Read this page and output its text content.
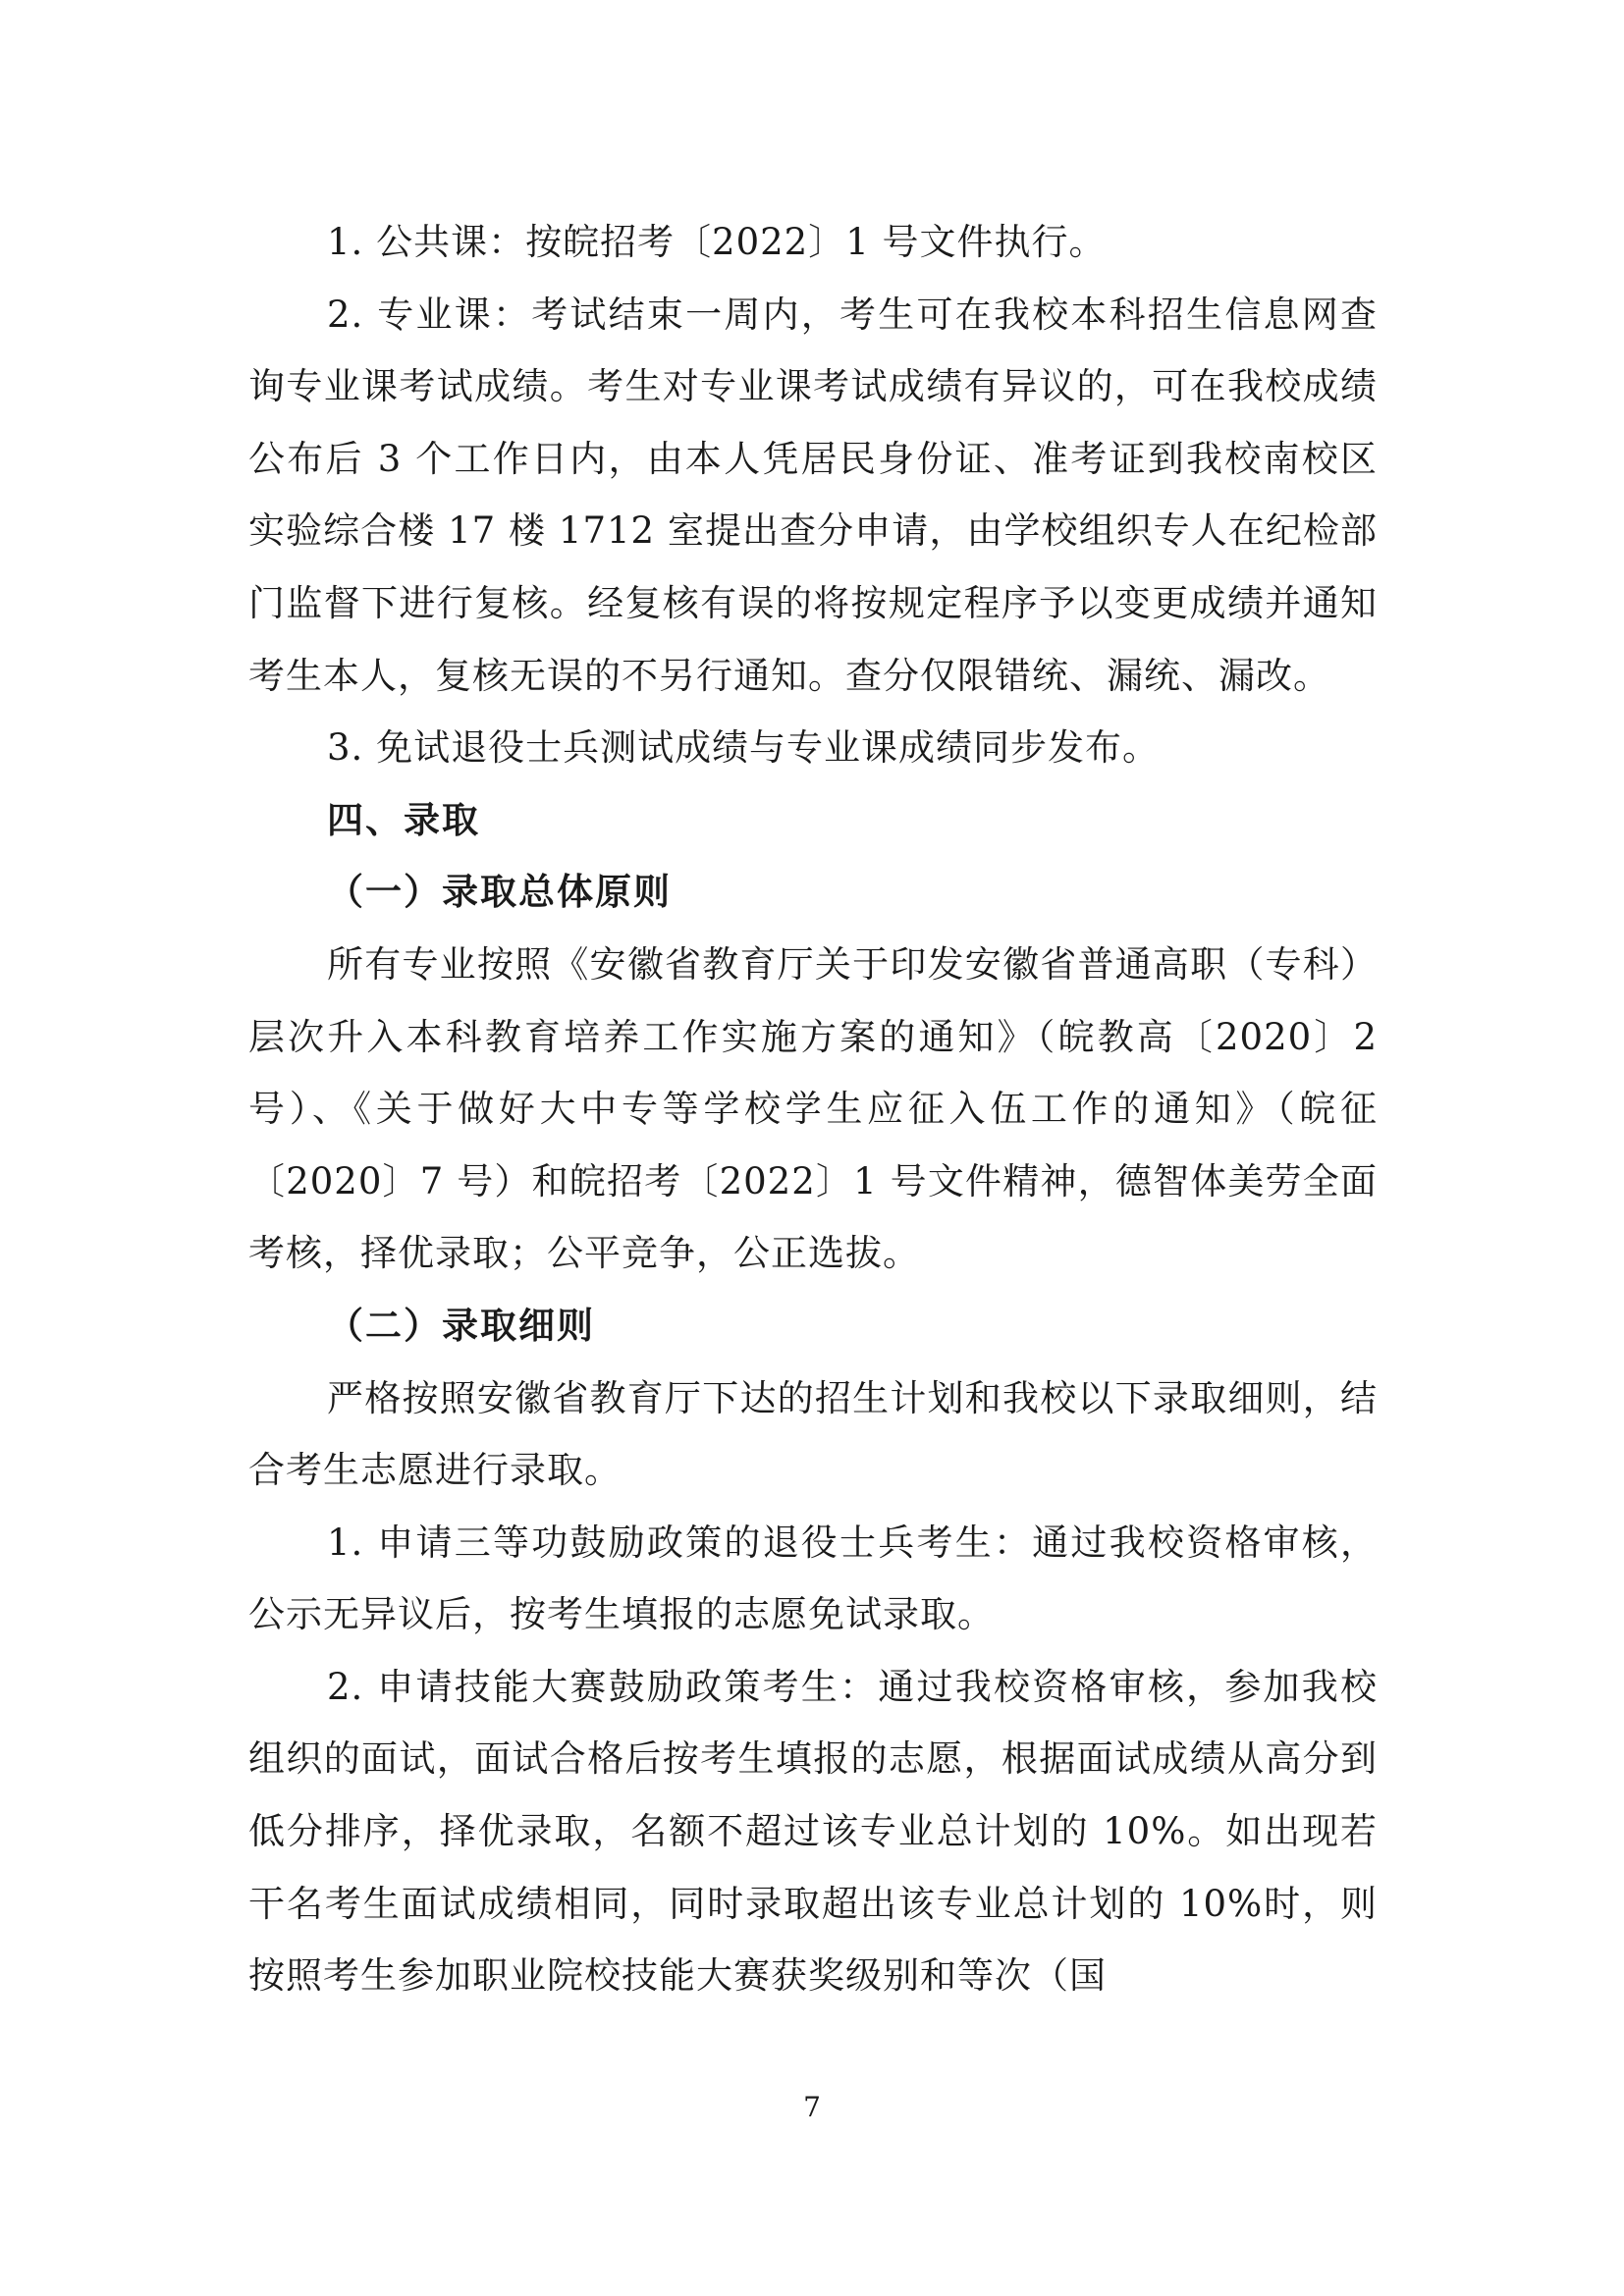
1. 公共课：按皖招考〔2022〕1 号文件执行。

2. 专业课：考试结束一周内，考生可在我校本科招生信息网查询专业课考试成绩。考生对专业课考试成绩有异议的，可在我校成绩公布后 3 个工作日内，由本人凭居民身份证、准考证到我校南校区实验综合楼 17 楼 1712 室提出查分申请，由学校组织专人在纪检部门监督下进行复核。经复核有误的将按规定程序予以变更成绩并通知考生本人，复核无误的不另行通知。查分仅限错统、漏统、漏改。

3. 免试退役士兵测试成绩与专业课成绩同步发布。

四、录取

（一）录取总体原则

所有专业按照《安徽省教育厅关于印发安徽省普通高职（专科）层次升入本科教育培养工作实施方案的通知》（皖教高〔2020〕2 号）、《关于做好大中专等学校学生应征入伍工作的通知》（皖征〔2020〕7 号）和皖招考〔2022〕1 号文件精神，德智体美劳全面考核，择优录取；公平竞争，公正选拔。

（二）录取细则

严格按照安徽省教育厅下达的招生计划和我校以下录取细则，结合考生志愿进行录取。

1. 申请三等功鼓励政策的退役士兵考生：通过我校资格审核，公示无异议后，按考生填报的志愿免试录取。

2. 申请技能大赛鼓励政策考生：通过我校资格审核，参加我校组织的面试，面试合格后按考生填报的志愿，根据面试成绩从高分到低分排序，择优录取，名额不超过该专业总计划的 10%。如出现若干名考生面试成绩相同，同时录取超出该专业总计划的 10%时，则按照考生参加职业院校技能大赛获奖级别和等次（国

7
